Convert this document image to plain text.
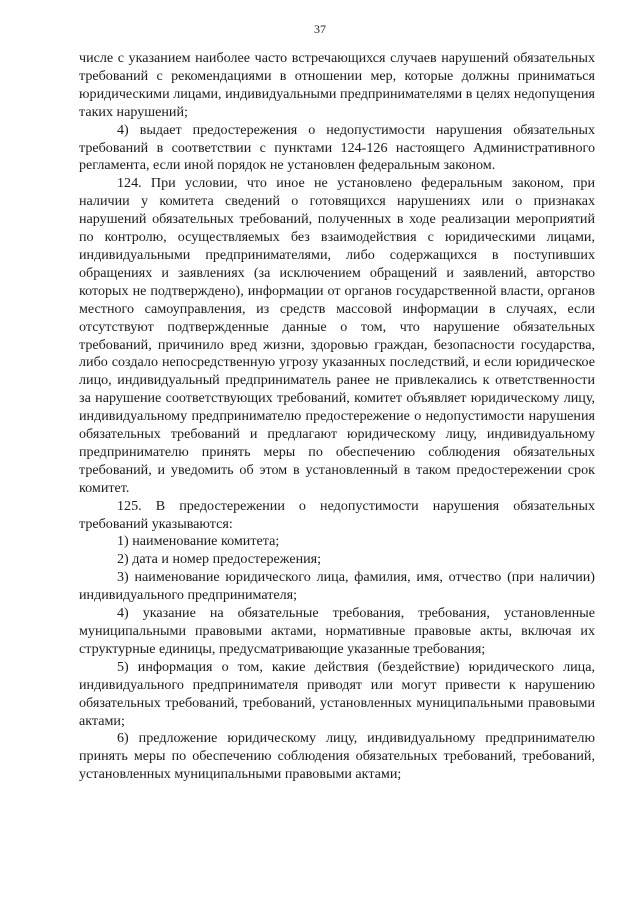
37

числе с указанием наиболее часто встречающихся случаев нарушений обязательных требований с рекомендациями в отношении мер, которые должны приниматься юридическими лицами, индивидуальными предпринимателями в целях недопущения таких нарушений;

4) выдает предостережения о недопустимости нарушения обязательных требований в соответствии с пунктами 124-126 настоящего Административного регламента, если иной порядок не установлен федеральным законом.

124. При условии, что иное не установлено федеральным законом, при наличии у комитета сведений о готовящихся нарушениях или о признаках нарушений обязательных требований, полученных в ходе реализации мероприятий по контролю, осуществляемых без взаимодействия с юридическими лицами, индивидуальными предпринимателями, либо содержащихся в поступивших обращениях и заявлениях (за исключением обращений и заявлений, авторство которых не подтверждено), информации от органов государственной власти, органов местного самоуправления, из средств массовой информации в случаях, если отсутствуют подтвержденные данные о том, что нарушение обязательных требований, причинило вред жизни, здоровью граждан, безопасности государства, либо создало непосредственную угрозу указанных последствий, и если юридическое лицо, индивидуальный предприниматель ранее не привлекались к ответственности за нарушение соответствующих требований, комитет объявляет юридическому лицу, индивидуальному предпринимателю предостережение о недопустимости нарушения обязательных требований и предлагают юридическому лицу, индивидуальному предпринимателю принять меры по обеспечению соблюдения обязательных требований, и уведомить об этом в установленный в таком предостережении срок комитет.

125. В предостережении о недопустимости нарушения обязательных требований указываются:

1) наименование комитета;

2) дата и номер предостережения;

3) наименование юридического лица, фамилия, имя, отчество (при наличии) индивидуального предпринимателя;

4) указание на обязательные требования, требования, установленные муниципальными правовыми актами, нормативные правовые акты, включая их структурные единицы, предусматривающие указанные требования;

5) информация о том, какие действия (бездействие) юридического лица, индивидуального предпринимателя приводят или могут привести к нарушению обязательных требований, требований, установленных муниципальными правовыми актами;

6) предложение юридическому лицу, индивидуальному предпринимателю принять меры по обеспечению соблюдения обязательных требований, требований, установленных муниципальными правовыми актами;
